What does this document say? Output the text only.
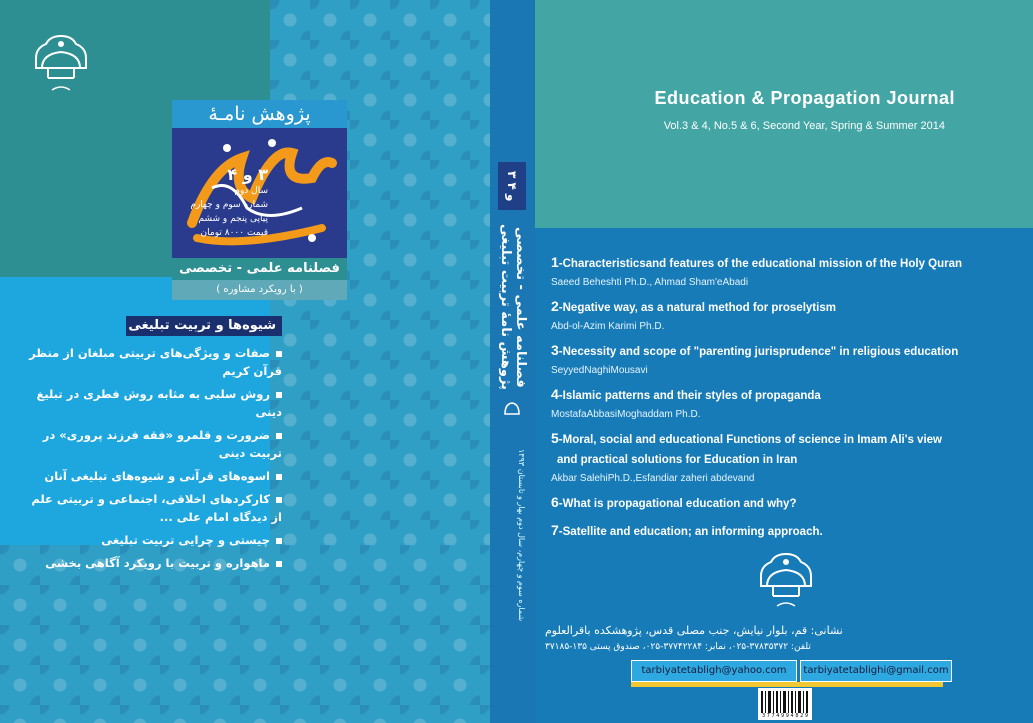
پژوهش نامـۀ
فصلنامه علمی - تخصصی
( با رویکرد مشاوره )
۳ و ۴
سال دوم
شماره سوم و چهارم
پیاپی پنجم و ششم
قیمت ۸۰۰۰ تومان
شیوه‌ها و تربیت تبلیغی
صفات و ویژگی‌های تربیتی مبلغان از منظر قرآن کریم
روش سلبی به مثابه روش فطری در تبلیغ دینی
ضرورت و قلمرو «فقه فرزند پروری» در تربیت دینی
اسوه‌های قرآنی و شیوه‌های تبلیغی آنان
کارکردهای اخلاقی، اجتماعی و تربیتی علم از دیدگاه امام علی ...
چیستی و چرایی تربیت تبلیغی
ماهواره و تربیت با رویکرد آگاهی بخشی
۳ و ۴
فصلنامه علمی - تخصصی پژوهش نامۀ تربیت تبلیغی
شماره سوم و چهارم، سال دوم بهار و تابستان ۱۳۹۳
Education & Propagation Journal
Vol.3 & 4, No.5 & 6, Second Year, Spring & Summer 2014
1-Characteristicsand features of the educational mission of the Holy Quran
Saeed Beheshti Ph.D., Ahmad Sham'eAbadi
2-Negative way, as a natural method for proselytism
Abd-ol-Azim Karimi Ph.D.
3-Necessity and scope of "parenting jurisprudence" in religious education
SeyyedNaghiMousavi
4-Islamic patterns and their styles of propaganda
MostafaAbbasiMoghaddam Ph.D.
5-Moral, social and educational Functions of science in Imam Ali's view
and practical solutions for Education in Iran
Akbar SalehiPh.D.,Esfandiar zaheri abdevand
6-What is propagational education and why?
7-Satellite and education; an informing approach.
نشانی: قم، بلوار نیایش، جنب مصلی قدس، پژوهشکده باقرالعلوم
تلفن: ۳۷۸۳۵۳۷۲-۰۲۵، نمابر: ۳۷۷۴۲۲۸۴-۰۲۵، صندوق پستی ۱۳۵-۳۷۱۸۵
tarbiyatetabligh@yahoo.com	tarbiyatetablighi@gmail.com
3 7 7 4 9 9 4 8 2 9
